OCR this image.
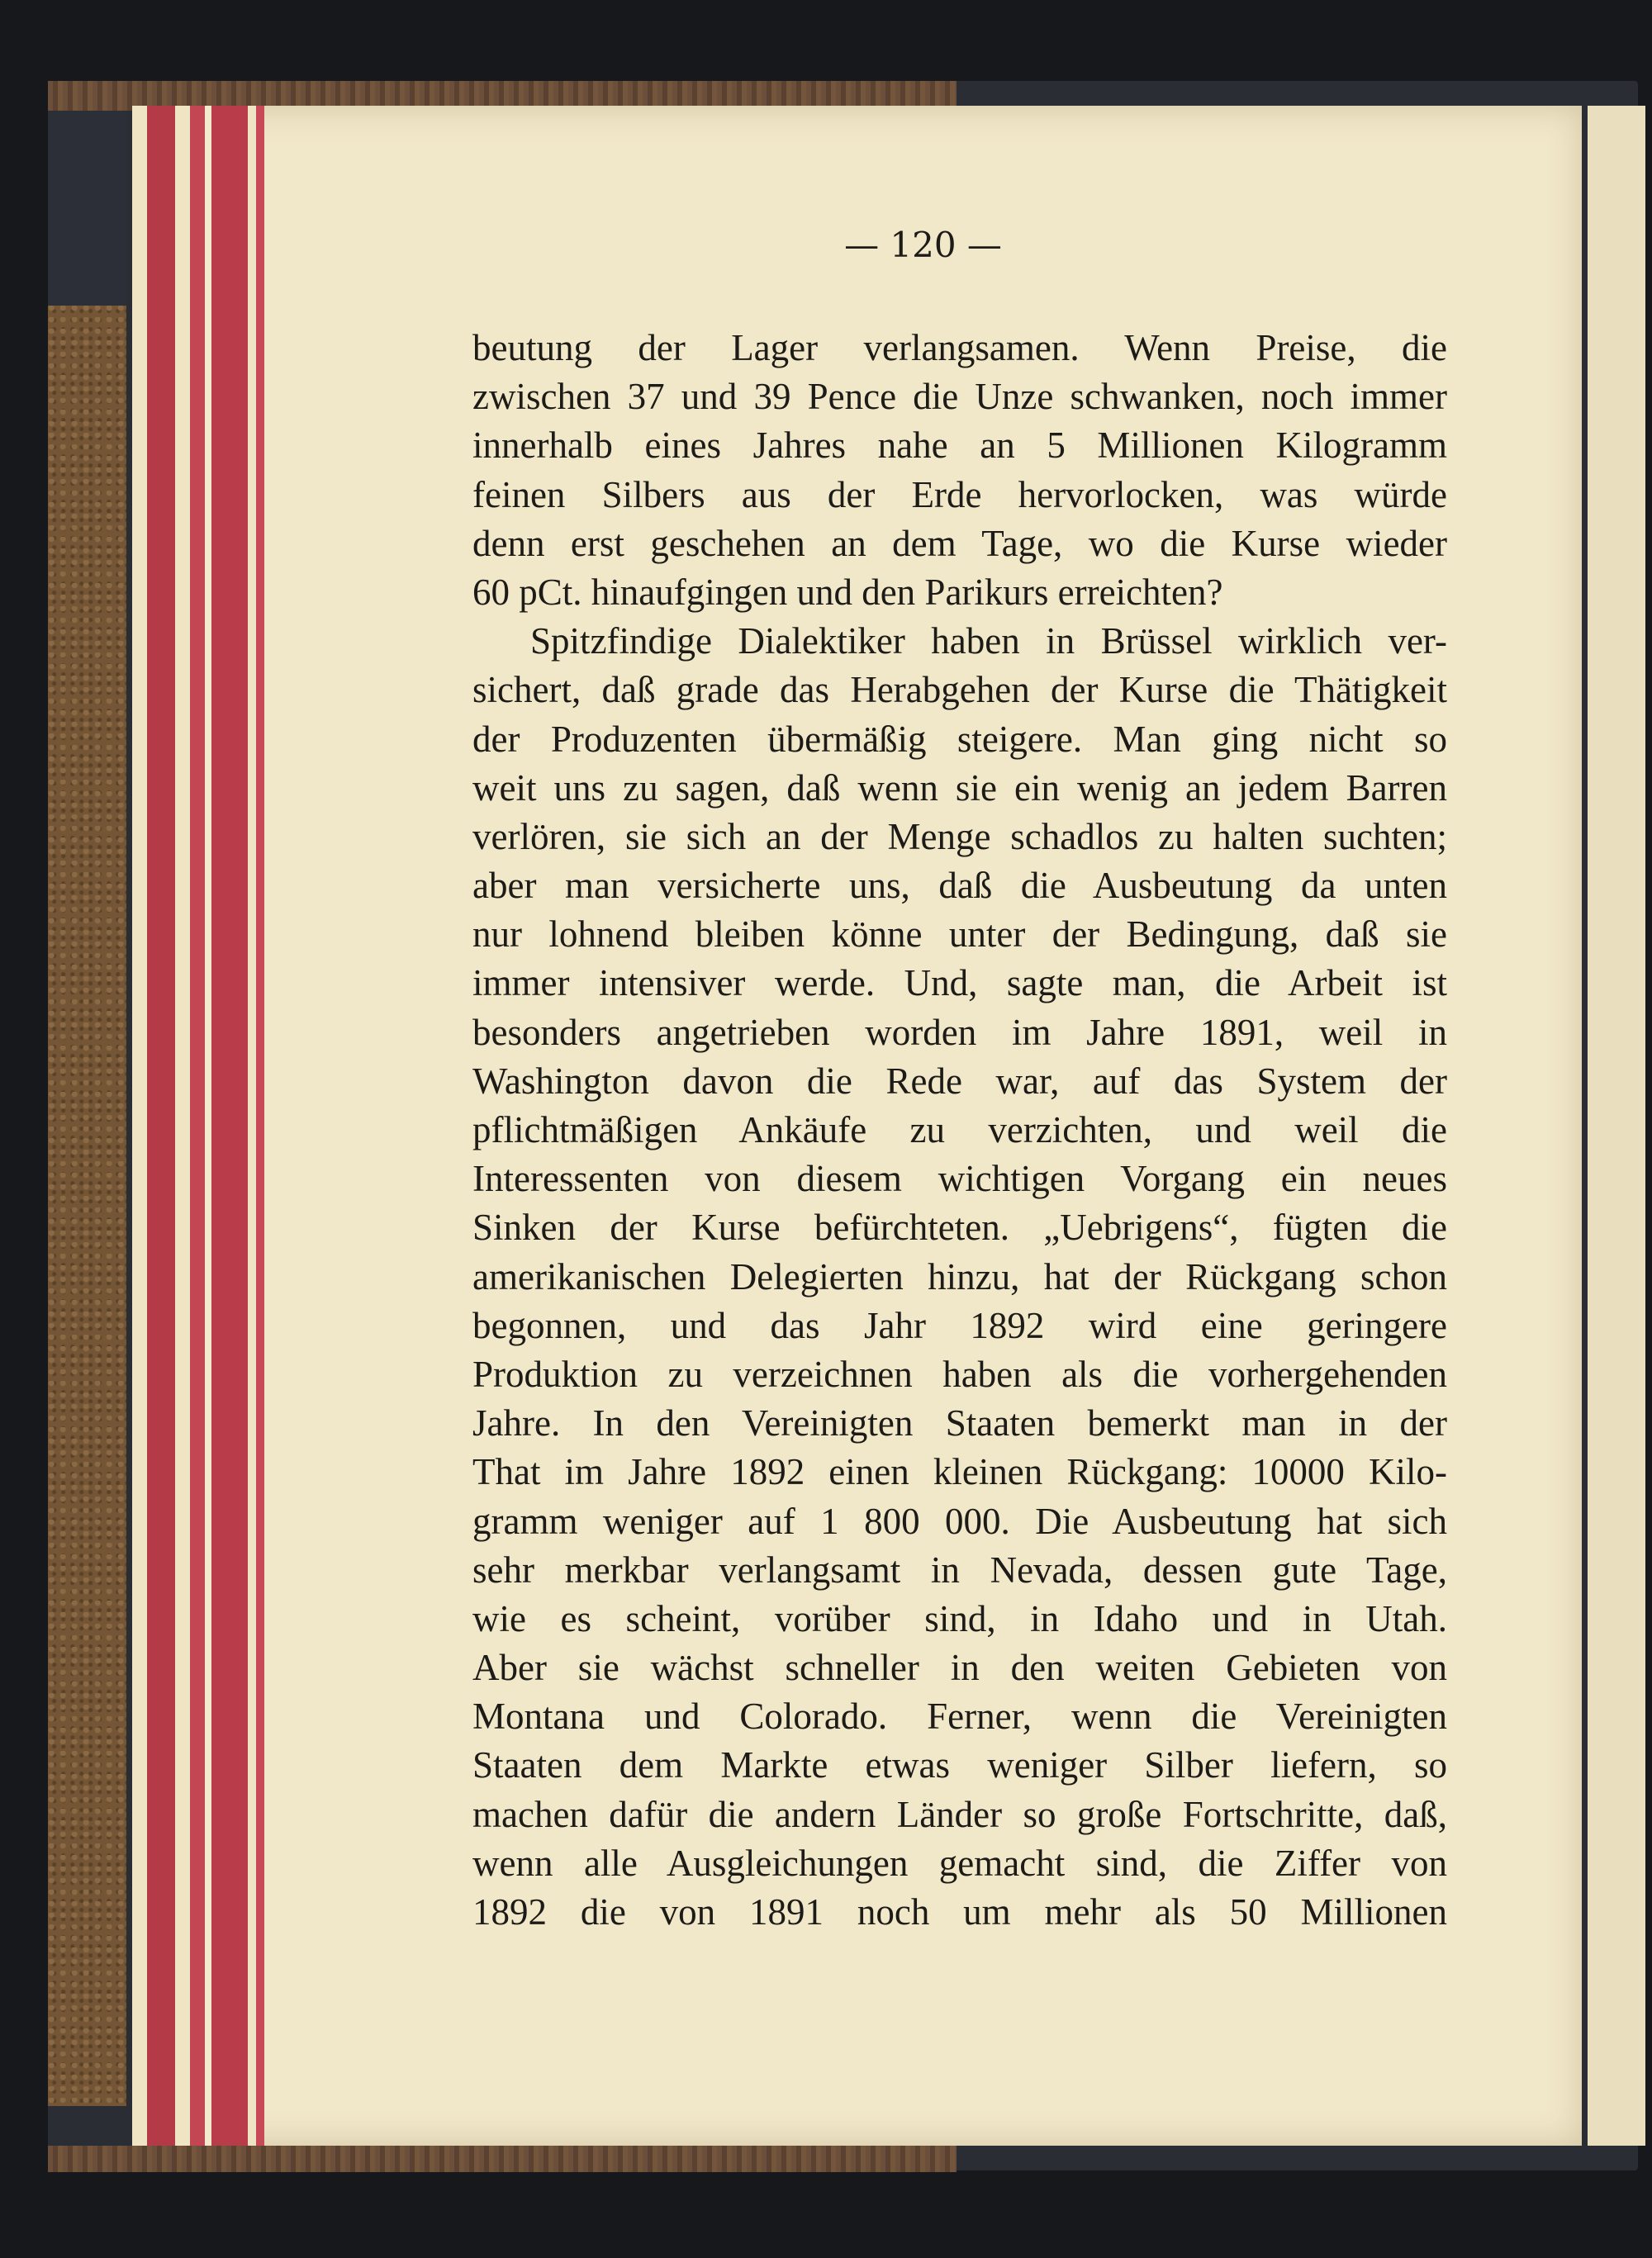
— 120 —
beutung der Lager verlangsamen. Wenn Preise, die
zwischen 37 und 39 Pence die Unze schwanken, noch immer
innerhalb eines Jahres nahe an 5 Millionen Kilogramm
feinen Silbers aus der Erde hervorlocken, was würde
denn erst geschehen an dem Tage, wo die Kurse wieder
60 pCt. hinaufgingen und den Parikurs erreichten?
Spitzfindige Dialektiker haben in Brüssel wirklich ver-
sichert, daß grade das Herabgehen der Kurse die Thätigkeit
der Produzenten übermäßig steigere. Man ging nicht so
weit uns zu sagen, daß wenn sie ein wenig an jedem Barren
verlören, sie sich an der Menge schadlos zu halten suchten;
aber man versicherte uns, daß die Ausbeutung da unten
nur lohnend bleiben könne unter der Bedingung, daß sie
immer intensiver werde. Und, sagte man, die Arbeit ist
besonders angetrieben worden im Jahre 1891, weil in
Washington davon die Rede war, auf das System der
pflichtmäßigen Ankäufe zu verzichten, und weil die
Interessenten von diesem wichtigen Vorgang ein neues
Sinken der Kurse befürchteten. „Uebrigens“, fügten die
amerikanischen Delegierten hinzu, hat der Rückgang schon
begonnen, und das Jahr 1892 wird eine geringere
Produktion zu verzeichnen haben als die vorhergehenden
Jahre. In den Vereinigten Staaten bemerkt man in der
That im Jahre 1892 einen kleinen Rückgang: 10000 Kilo-
gramm weniger auf 1 800 000. Die Ausbeutung hat sich
sehr merkbar verlangsamt in Nevada, dessen gute Tage,
wie es scheint, vorüber sind, in Idaho und in Utah.
Aber sie wächst schneller in den weiten Gebieten von
Montana und Colorado. Ferner, wenn die Vereinigten
Staaten dem Markte etwas weniger Silber liefern, so
machen dafür die andern Länder so große Fortschritte, daß,
wenn alle Ausgleichungen gemacht sind, die Ziffer von
1892 die von 1891 noch um mehr als 50 Millionen
